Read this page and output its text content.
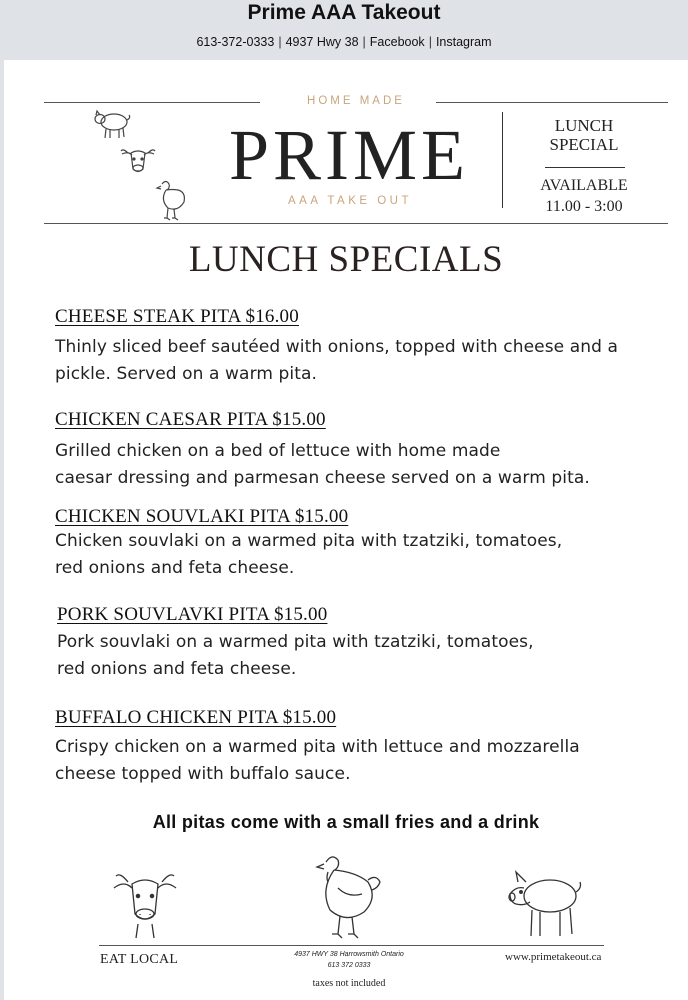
Prime AAA Takeout
613-372-0333 | 4937 Hwy 38 | Facebook | Instagram
HOME MADE
PRIME
AAA TAKE OUT
LUNCH
SPECIAL
AVAILABLE
11.00 - 3:00
LUNCH SPECIALS
CHEESE STEAK PITA $16.00
Thinly sliced beef sautéed with onions, topped with cheese and a
pickle. Served on a warm pita.
CHICKEN CAESAR PITA $15.00
Grilled chicken on a bed of lettuce with home made
caesar dressing and parmesan cheese served on a warm pita.
CHICKEN SOUVLAKI PITA $15.00
Chicken souvlaki on a warmed pita with tzatziki, tomatoes,
red onions and feta cheese.
PORK SOUVLAVKI PITA $15.00
Pork souvlaki on a warmed pita with tzatziki, tomatoes,
red onions and feta cheese.
BUFFALO CHICKEN PITA $15.00
Crispy chicken on a warmed pita with lettuce and mozzarella
cheese topped with buffalo sauce.
All pitas come with a small fries and a drink
EAT LOCAL	4937 HWY 38 Harrowsmith Ontario
613 372 0333
www.primetakeout.ca
taxes not included
